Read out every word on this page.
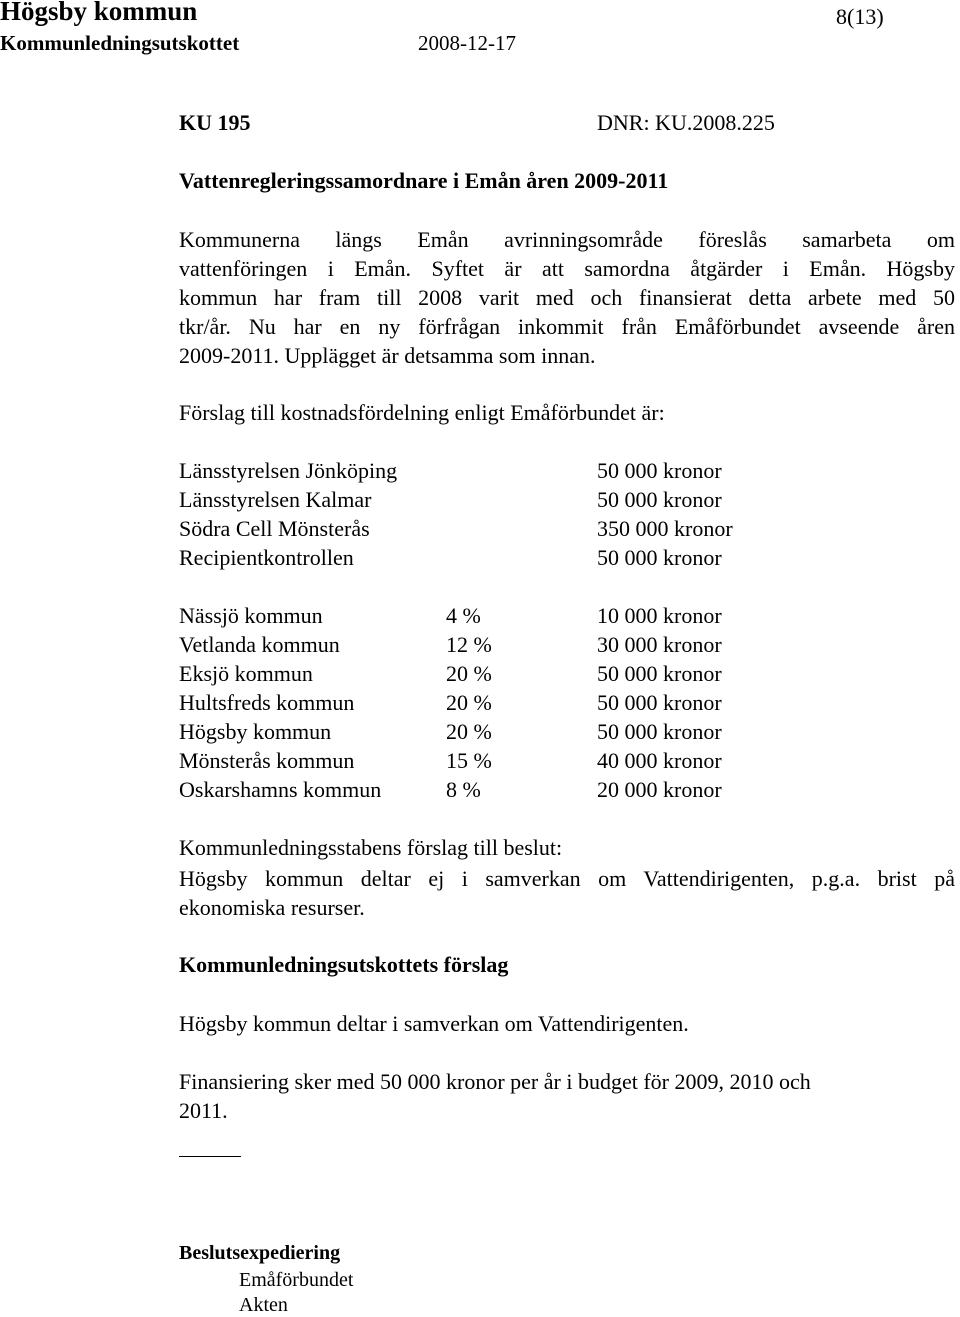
Högsby kommun	8(13)
Kommunledningsutskottet	2008-12-17
KU 195	DNR: KU.2008.225
Vattenregleringssamordnare i Emån åren 2009-2011
Kommunerna längs Emån avrinningsområde föreslås samarbeta om
vattenföringen i Emån. Syftet är att samordna åtgärder i Emån. Högsby
kommun har fram till 2008 varit med och finansierat detta arbete med 50
tkr/år. Nu har en ny förfrågan inkommit från Emåförbundet avseende åren
2009-2011. Upplägget är detsamma som innan.
Förslag till kostnadsfördelning enligt Emåförbundet är:
Länsstyrelsen Jönköping	50 000 kronor
Länsstyrelsen Kalmar	50 000 kronor
Södra Cell Mönsterås	350 000 kronor
Recipientkontrollen	50 000 kronor
Nässjö kommun	4 %	10 000 kronor
Vetlanda kommun	12 %	30 000 kronor
Eksjö kommun	20 %	50 000 kronor
Hultsfreds kommun	20 %	50 000 kronor
Högsby kommun	20 %	50 000 kronor
Mönsterås kommun	15 %	40 000 kronor
Oskarshamns kommun	8 %	20 000 kronor
Kommunledningsstabens förslag till beslut:
Högsby kommun deltar ej i samverkan om Vattendirigenten, p.g.a. brist på
ekonomiska resurser.
Kommunledningsutskottets förslag
Högsby kommun deltar i samverkan om Vattendirigenten.
Finansiering sker med 50 000 kronor per år i budget för 2009, 2010 och
2011.
Beslutsexpediering
Emåförbundet
Akten
